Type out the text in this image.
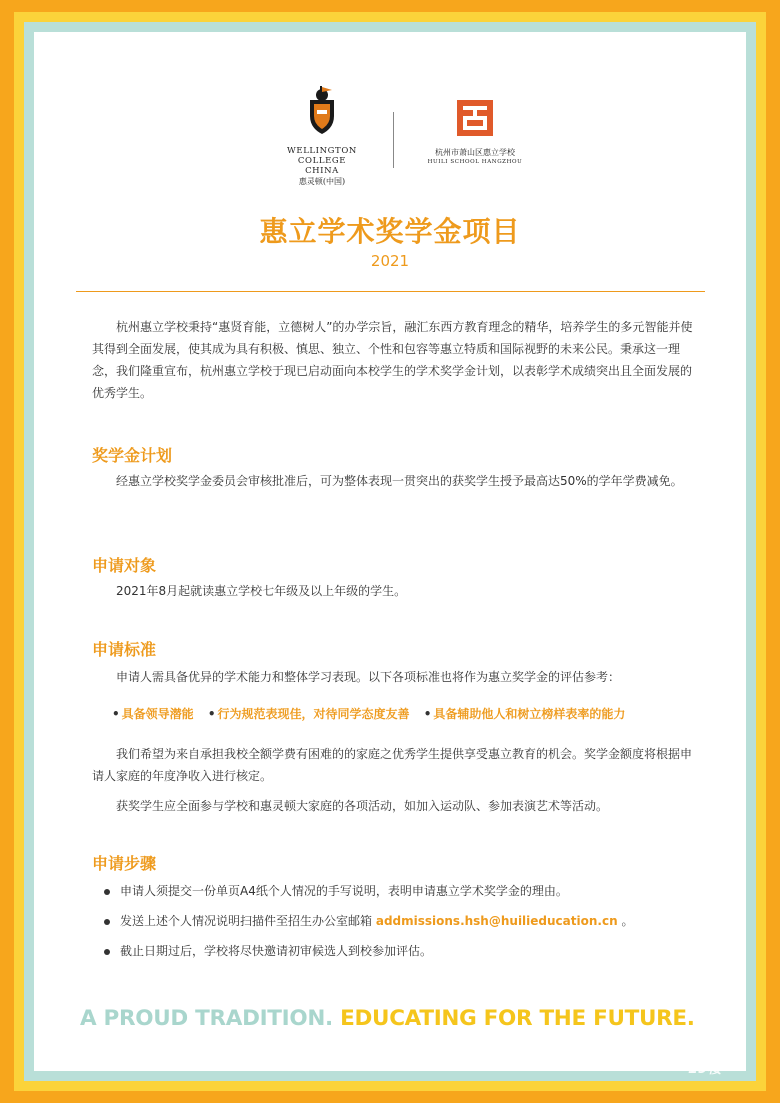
WELLINGTON COLLEGE
CHINA
惠灵顿(中国)
杭州市萧山区惠立学校
HUILI SCHOOL HANGZHOU
惠立学术奖学金项目
2021

杭州惠立学校秉持“惠贤育能，立德树人”的办学宗旨，融汇东西方教育理念的精华，培养学生的多元智能并使其得到全面发展，使其成为具有积极、慎思、独立、个性和包容等惠立特质和国际视野的未来公民。秉承这一理念，我们隆重宣布，杭州惠立学校于现已启动面向本校学生的学术奖学金计划，以表彰学术成绩突出且全面发展的优秀学生。

奖学金计划

经惠立学校奖学金委员会审核批准后，可为整体表现一贯突出的获奖学生授予最高达50%的学年学费减免。

申请对象

2021年8月起就读惠立学校七年级及以上年级的学生。

申请标准

申请人需具备优异的学术能力和整体学习表现。以下各项标准也将作为惠立奖学金的评估参考：

• 具备领导潜能 • 行为规范表现佳，对待同学态度友善 • 具备辅助他人和树立榜样表率的能力

我们希望为来自承担我校全额学费有困难的的家庭之优秀学生提供享受惠立教育的机会。奖学金额度将根据申请人家庭的年度净收入进行核定。

获奖学生应全面参与学校和惠灵顿大家庭的各项活动，如加入运动队、参加表演艺术等活动。

申请步骤
申请人须提交一份单页A4纸个人情况的手写说明，表明申请惠立学术奖学金的理由。
发送上述个人情况说明扫描件至招生办公室邮箱 addmissions.hsh@huilieducation.cn 。
截止日期过后，学校将尽快邀请初审候选人到校参加评估。
A PROUD TRADITION. EDUCATING FOR THE FUTURE.
19楼
